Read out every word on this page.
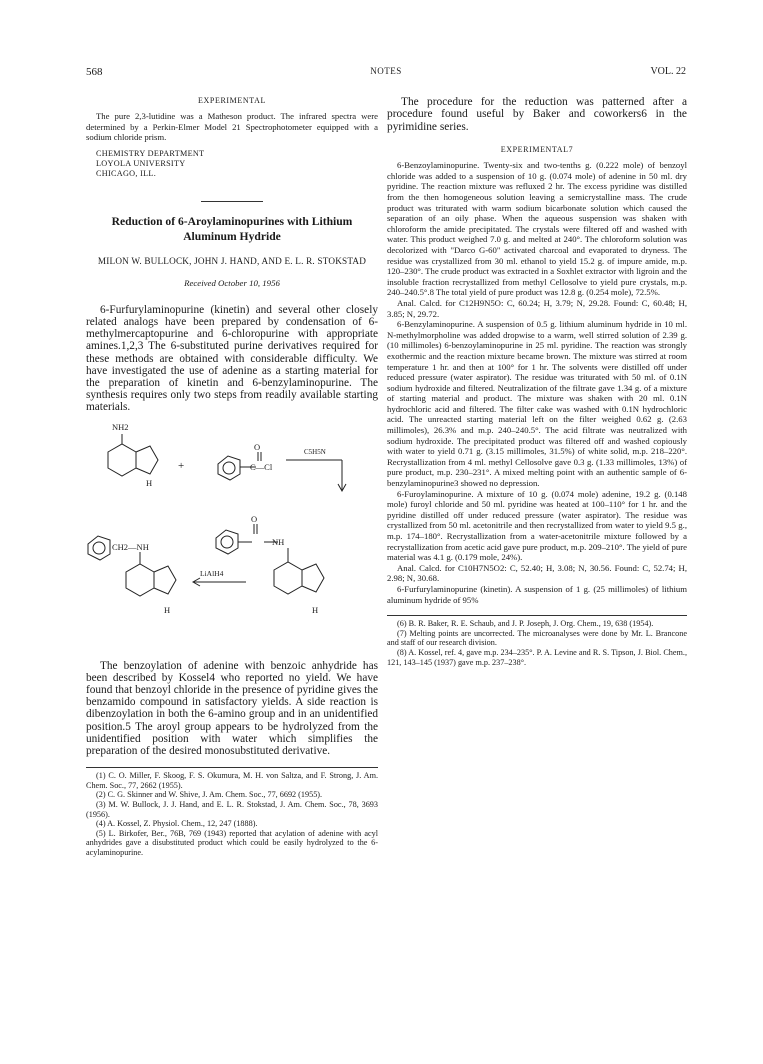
568	NOTES	VOL. 22
EXPERIMENTAL

The pure 2,3-lutidine was a Matheson product. The infrared spectra were determined by a Perkin-Elmer Model 21 Spectrophotometer equipped with a sodium chloride prism.

CHEMISTRY DEPARTMENT
LOYOLA UNIVERSITY
CHICAGO, ILL.
Reduction of 6-Aroylaminopurines with Lithium Aluminum Hydride
MILON W. BULLOCK, JOHN J. HAND, AND E. L. R. STOKSTAD
Received October 10, 1956

6-Furfurylaminopurine (kinetin) and several other closely related analogs have been prepared by condensation of 6-methylmercaptopurine and 6-chloropurine with appropriate amines.1,2,3 The 6-substituted purine derivatives required for these methods are obtained with considerable difficulty. We have investigated the use of adenine as a starting material for the preparation of kinetin and 6-benzylaminopurine. The synthesis requires only two steps from readily available starting materials.

NH2
+
O
C—Cl
C5H5N
CH2—NH
O
NH
LiAlH4
H	H
H

The benzoylation of adenine with benzoic anhydride has been described by Kossel4 who reported no yield. We have found that benzoyl chloride in the presence of pyridine gives the benzamido compound in satisfactory yields. A side reaction is dibenzoylation in both the 6-amino group and in an unidentified position.5 The aroyl group appears to be hydrolyzed from the unidentified position with water which simplifies the preparation of the desired monosubstituted derivative.

(1) C. O. Miller, F. Skoog, F. S. Okumura, M. H. von Saltza, and F. Strong, J. Am. Chem. Soc., 77, 2662 (1955).

(2) C. G. Skinner and W. Shive, J. Am. Chem. Soc., 77, 6692 (1955).

(3) M. W. Bullock, J. J. Hand, and E. L. R. Stokstad, J. Am. Chem. Soc., 78, 3693 (1956).

(4) A. Kossel, Z. Physiol. Chem., 12, 247 (1888).

(5) L. Birkofer, Ber., 76B, 769 (1943) reported that acylation of adenine with acyl anhydrides gave a disubstituted product which could be easily hydrolyzed to the 6-acylaminopurine.

The procedure for the reduction was patterned after a procedure found useful by Baker and coworkers6 in the pyrimidine series.

EXPERIMENTAL7

6-Benzoylaminopurine. Twenty-six and two-tenths g. (0.222 mole) of benzoyl chloride was added to a suspension of 10 g. (0.074 mole) of adenine in 50 ml. dry pyridine. The reaction mixture was refluxed 2 hr. The excess pyridine was distilled from the then homogeneous solution leaving a semicrystalline mass. The crude product was triturated with warm sodium bicarbonate solution which caused the separation of an oily phase. When the aqueous suspension was shaken with chloroform the amide precipitated. The crystals were filtered off and washed with water. This product weighed 7.0 g. and melted at 240°. The chloroform solution was decolorized with "Darco G-60" activated charcoal and evaporated to dryness. The residue was crystallized from 30 ml. ethanol to yield 15.2 g. of impure amide, m.p. 120–230°. The crude product was extracted in a Soxhlet extractor with ligroin and the insoluble fraction recrystallized from methyl Cellosolve to yield pure crystals, m.p. 240–240.5°.8 The total yield of pure product was 12.8 g. (0.254 mole), 72.5%.

Anal. Calcd. for C12H9N5O: C, 60.24; H, 3.79; N, 29.28. Found: C, 60.48; H, 3.85; N, 29.72.

6-Benzylaminopurine. A suspension of 0.5 g. lithium aluminum hydride in 10 ml. N-methylmorpholine was added dropwise to a warm, well stirred solution of 2.39 g. (10 millimoles) 6-benzoylaminopurine in 25 ml. pyridine. The reaction was strongly exothermic and the reaction mixture became brown. The mixture was stirred at room temperature 1 hr. and then at 100° for 1 hr. The solvents were distilled off under reduced pressure (water aspirator). The residue was triturated with 50 ml. of 0.1N sodium hydroxide and filtered. Neutralization of the filtrate gave 1.34 g. of a mixture of starting material and product. The mixture was shaken with 20 ml. 0.1N hydrochloric acid and filtered. The filter cake was washed with 0.1N hydrochloric acid. The unreacted starting material left on the filter weighed 0.62 g. (2.63 millimoles), 26.3% and m.p. 240–240.5°. The acid filtrate was neutralized with sodium hydroxide. The precipitated product was filtered off and washed copiously with water to yield 0.71 g. (3.15 millimoles, 31.5%) of white solid, m.p. 218–220°. Recrystallization from 4 ml. methyl Cellosolve gave 0.3 g. (1.33 millimoles, 13%) of pure product, m.p. 230–231°. A mixed melting point with an authentic sample of 6-benzylaminopurine3 showed no depression.

6-Furoylaminopurine. A mixture of 10 g. (0.074 mole) adenine, 19.2 g. (0.148 mole) furoyl chloride and 50 ml. pyridine was heated at 100–110° for 1 hr. and the pyridine distilled off under reduced pressure (water aspirator). The residue was crystallized from 50 ml. acetonitrile and then recrystallized from water to yield 9.5 g., m.p. 174–180°. Recrystallization from a water-acetonitrile mixture followed by a recrystallization from acetic acid gave pure product, m.p. 209–210°. The yield of pure material was 4.1 g. (0.179 mole, 24%).

Anal. Calcd. for C10H7N5O2: C, 52.40; H, 3.08; N, 30.56. Found: C, 52.74; H, 2.98; N, 30.68.

6-Furfurylaminopurine (kinetin). A suspension of 1 g. (25 millimoles) of lithium aluminum hydride of 95%

(6) B. R. Baker, R. E. Schaub, and J. P. Joseph, J. Org. Chem., 19, 638 (1954).

(7) Melting points are uncorrected. The microanalyses were done by Mr. L. Brancone and staff of our research division.

(8) A. Kossel, ref. 4, gave m.p. 234–235°. P. A. Levine and R. S. Tipson, J. Biol. Chem., 121, 143–145 (1937) gave m.p. 237–238°.
